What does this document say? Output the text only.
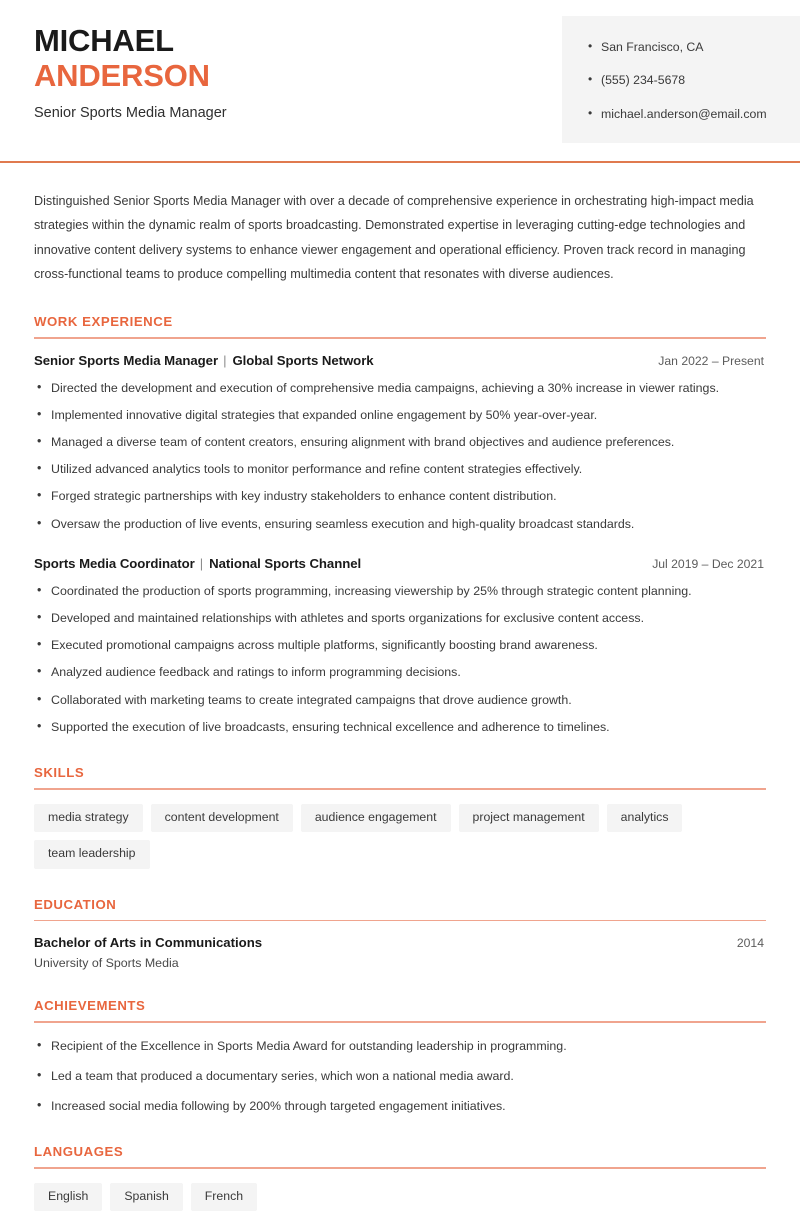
MICHAEL
ANDERSON
Senior Sports Media Manager
• San Francisco, CA
• (555) 234-5678
• michael.anderson@email.com

Distinguished Senior Sports Media Manager with over a decade of comprehensive experience in orchestrating high-impact media strategies within the dynamic realm of sports broadcasting. Demonstrated expertise in leveraging cutting-edge technologies and innovative content delivery systems to enhance viewer engagement and operational efficiency. Proven track record in managing cross-functional teams to produce compelling multimedia content that resonates with diverse audiences.

WORK EXPERIENCE
Senior Sports Media Manager | Global Sports Network	Jan 2022 – Present
• Directed the development and execution of comprehensive media campaigns, achieving a 30% increase in viewer ratings.
• Implemented innovative digital strategies that expanded online engagement by 50% year-over-year.
• Managed a diverse team of content creators, ensuring alignment with brand objectives and audience preferences.
• Utilized advanced analytics tools to monitor performance and refine content strategies effectively.
• Forged strategic partnerships with key industry stakeholders to enhance content distribution.
• Oversaw the production of live events, ensuring seamless execution and high-quality broadcast standards.
Sports Media Coordinator | National Sports Channel	Jul 2019 – Dec 2021
• Coordinated the production of sports programming, increasing viewership by 25% through strategic content planning.
• Developed and maintained relationships with athletes and sports organizations for exclusive content access.
• Executed promotional campaigns across multiple platforms, significantly boosting brand awareness.
• Analyzed audience feedback and ratings to inform programming decisions.
• Collaborated with marketing teams to create integrated campaigns that drove audience growth.
• Supported the execution of live broadcasts, ensuring technical excellence and adherence to timelines.
SKILLS
media strategy	content development	audience engagement	project management	analytics
team leadership
EDUCATION
Bachelor of Arts in Communications	2014
University of Sports Media
ACHIEVEMENTS
• Recipient of the Excellence in Sports Media Award for outstanding leadership in programming.
• Led a team that produced a documentary series, which won a national media award.
• Increased social media following by 200% through targeted engagement initiatives.
LANGUAGES
English	Spanish	French
